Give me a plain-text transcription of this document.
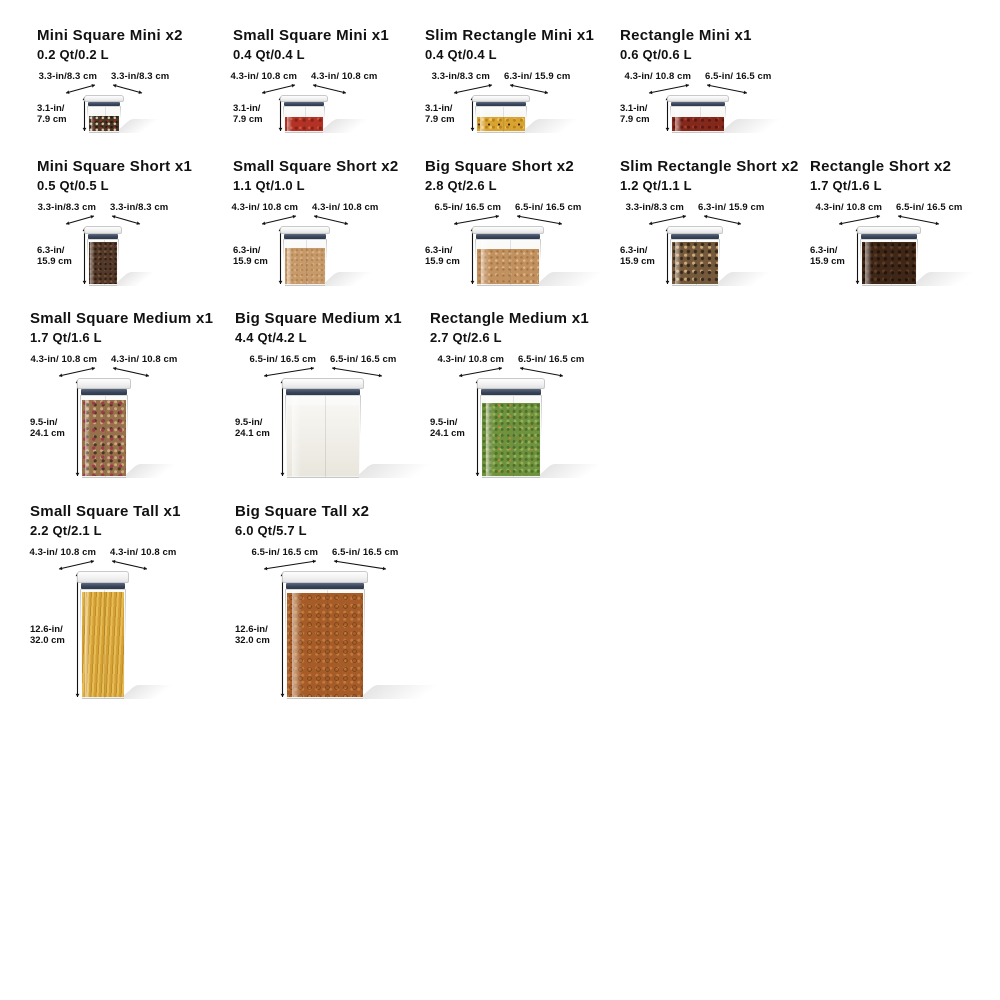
Mini Square Mini x2
0.2 Qt/0.2 L
3.3-in/8.3 cm 3.3-in/8.3 cm
3.1-in/
7.9 cm
Small Square Mini x1
0.4 Qt/0.4 L
4.3-in/ 10.8 cm 4.3-in/ 10.8 cm
3.1-in/
7.9 cm
Slim Rectangle Mini x1
0.4 Qt/0.4 L
3.3-in/8.3 cm 6.3-in/ 15.9 cm
3.1-in/
7.9 cm
Rectangle Mini x1
0.6 Qt/0.6 L
4.3-in/ 10.8 cm 6.5-in/ 16.5 cm
3.1-in/
7.9 cm
Mini Square Short x1
0.5 Qt/0.5 L
3.3-in/8.3 cm 3.3-in/8.3 cm
6.3-in/
15.9 cm
Small Square Short x2
1.1 Qt/1.0 L
4.3-in/ 10.8 cm 4.3-in/ 10.8 cm
6.3-in/
15.9 cm
Big Square Short x2
2.8 Qt/2.6 L
6.5-in/ 16.5 cm 6.5-in/ 16.5 cm
6.3-in/
15.9 cm
Slim Rectangle Short x2
1.2 Qt/1.1 L
3.3-in/8.3 cm 6.3-in/ 15.9 cm
6.3-in/
15.9 cm
Rectangle Short x2
1.7 Qt/1.6 L
4.3-in/ 10.8 cm 6.5-in/ 16.5 cm
6.3-in/
15.9 cm
Small Square Medium x1
1.7 Qt/1.6 L
4.3-in/ 10.8 cm 4.3-in/ 10.8 cm
9.5-in/
24.1 cm
Big Square Medium x1
4.4 Qt/4.2 L
6.5-in/ 16.5 cm 6.5-in/ 16.5 cm
9.5-in/
24.1 cm
Rectangle Medium x1
2.7 Qt/2.6 L
4.3-in/ 10.8 cm 6.5-in/ 16.5 cm
9.5-in/
24.1 cm
Small Square Tall x1
2.2 Qt/2.1 L
4.3-in/ 10.8 cm 4.3-in/ 10.8 cm
12.6-in/
32.0 cm
Big Square Tall x2
6.0 Qt/5.7 L
6.5-in/ 16.5 cm 6.5-in/ 16.5 cm
12.6-in/
32.0 cm
